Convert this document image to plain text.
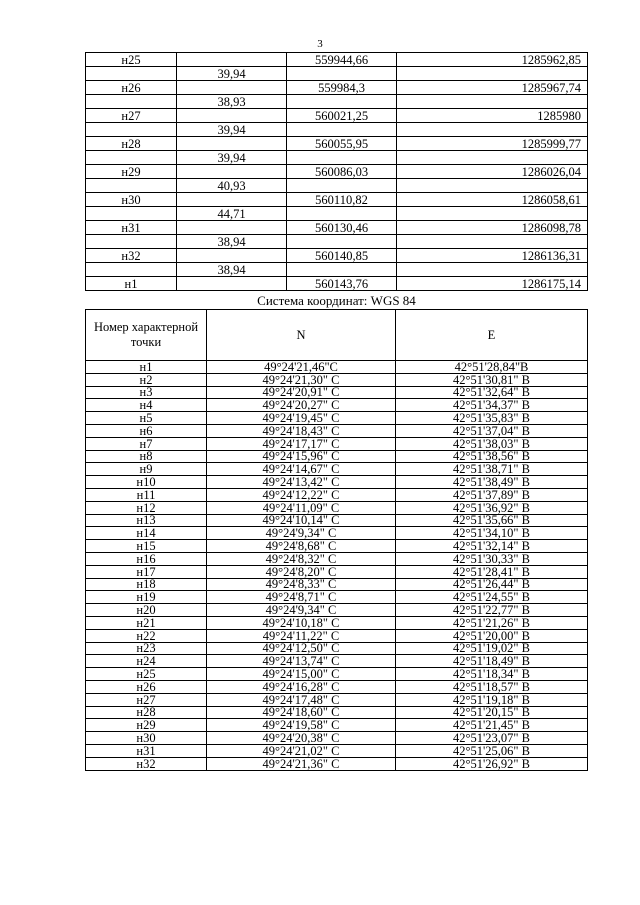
3
н25		559944,66	1285962,85
	39,94		
н26		559984,3	1285967,74
	38,93		
н27		560021,25	1285980
	39,94		
н28		560055,95	1285999,77
	39,94		
н29		560086,03	1286026,04
	40,93		
н30		560110,82	1286058,61
	44,71		
н31		560130,46	1286098,78
	38,94		
н32		560140,85	1286136,31
	38,94		
н1		560143,76	1286175,14
Система координат: WGS 84
Номер характерной точки	N	E
н1	49°24'21,46"С	42°51'28,84"В
н2	49°24'21,30" С	42°51'30,81" В
н3	49°24'20,91" С	42°51'32,64" В
н4	49°24'20,27" С	42°51'34,37" В
н5	49°24'19,45" С	42°51'35,83" В
н6	49°24'18,43" С	42°51'37,04" В
н7	49°24'17,17" С	42°51'38,03" В
н8	49°24'15,96" С	42°51'38,56" В
н9	49°24'14,67" С	42°51'38,71" В
н10	49°24'13,42" С	42°51'38,49" В
н11	49°24'12,22" С	42°51'37,89" В
н12	49°24'11,09" С	42°51'36,92" В
н13	49°24'10,14" С	42°51'35,66" В
н14	49°24'9,34" С	42°51'34,10" В
н15	49°24'8,68" С	42°51'32,14" В
н16	49°24'8,32" С	42°51'30,33" В
н17	49°24'8,20" С	42°51'28,41" В
н18	49°24'8,33" С	42°51'26,44" В
н19	49°24'8,71" С	42°51'24,55" В
н20	49°24'9,34" С	42°51'22,77" В
н21	49°24'10,18" С	42°51'21,26" В
н22	49°24'11,22" С	42°51'20,00" В
н23	49°24'12,50" С	42°51'19,02" В
н24	49°24'13,74" С	42°51'18,49" В
н25	49°24'15,00" С	42°51'18,34" В
н26	49°24'16,28" С	42°51'18,57" В
н27	49°24'17,48" С	42°51'19,18" В
н28	49°24'18,60" С	42°51'20,15" В
н29	49°24'19,58" С	42°51'21,45" В
н30	49°24'20,38" С	42°51'23,07" В
н31	49°24'21,02" С	42°51'25,06" В
н32	49°24'21,36" С	42°51'26,92" В
